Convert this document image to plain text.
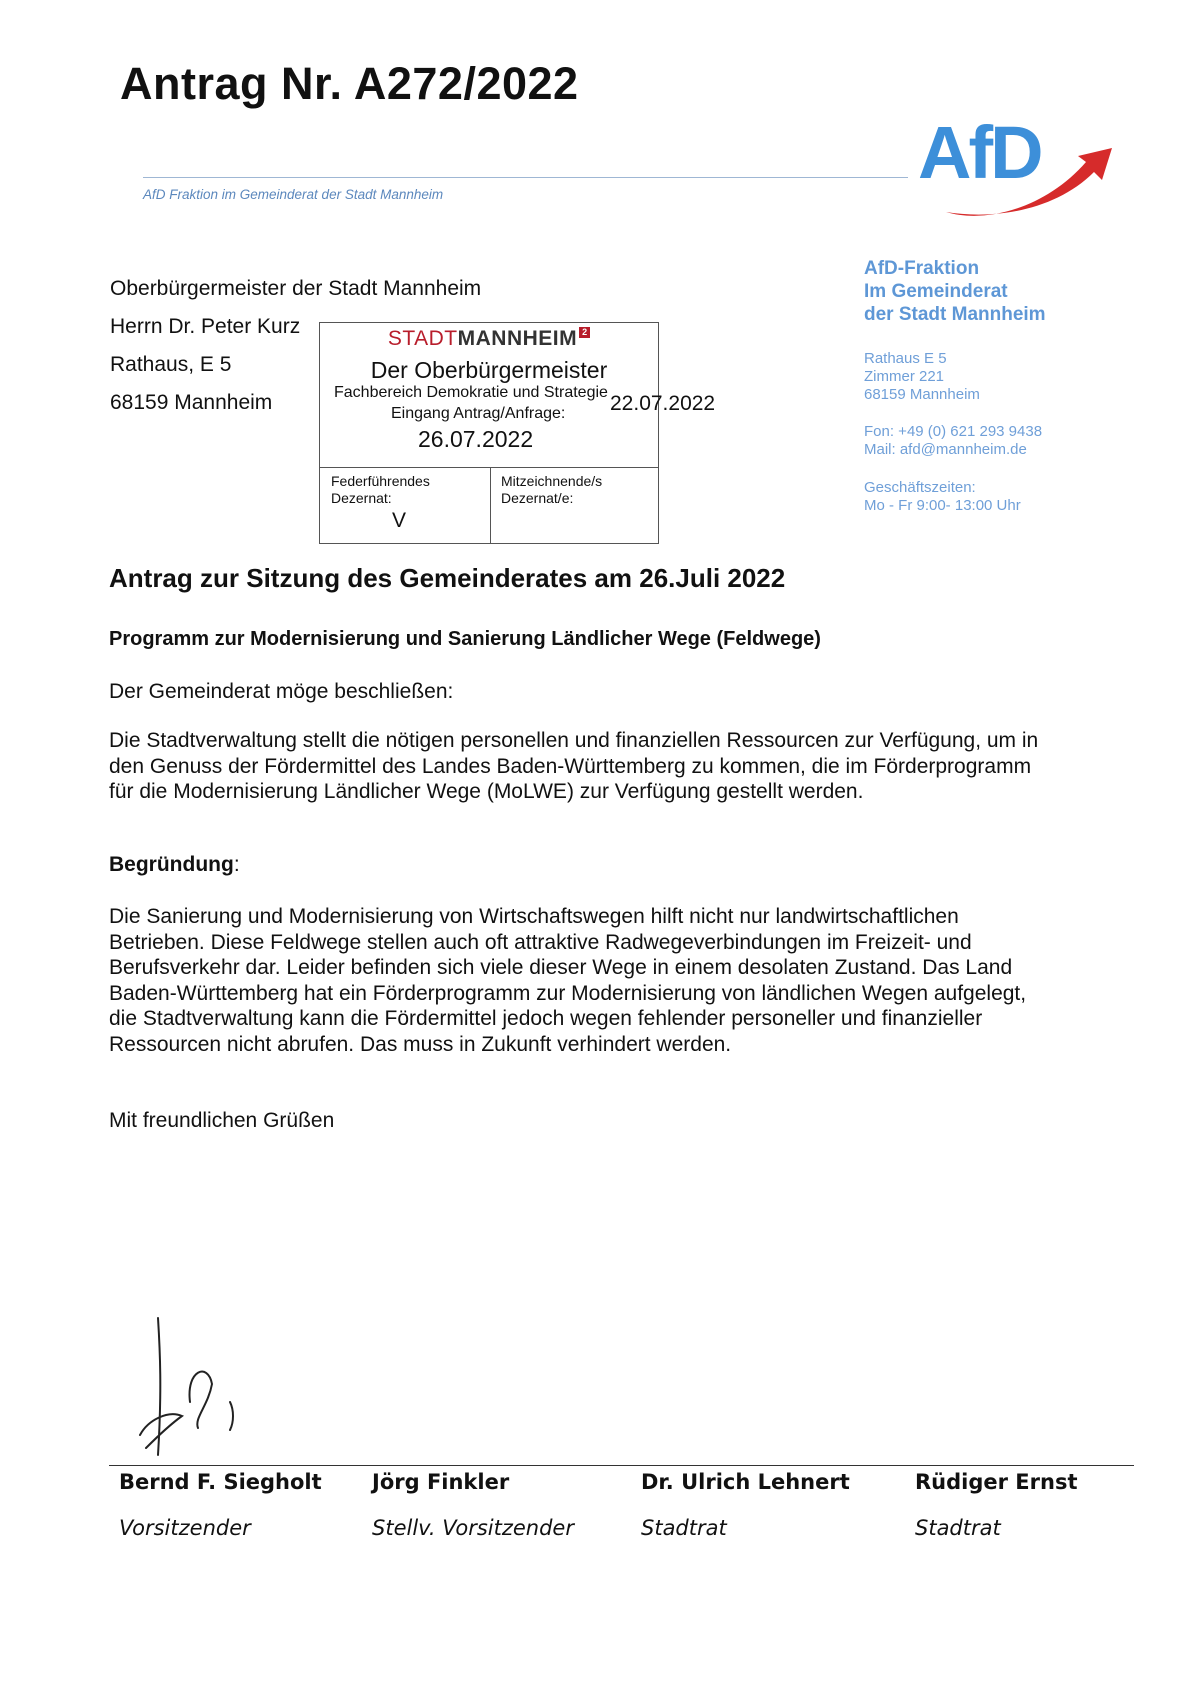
Antrag Nr. A272/2022
AfD Fraktion im Gemeinderat der Stadt Mannheim
AfD
Oberbürgermeister der Stadt Mannheim
Herrn Dr. Peter Kurz
Rathaus, E 5
68159 Mannheim
AfD-Fraktion
Im Gemeinderat
der Stadt Mannheim
Rathaus E 5
Zimmer 221
68159 Mannheim
Fon: +49 (0) 621 293 9438
Mail: afd@mannheim.de
Geschäftszeiten:
Mo - Fr 9:00- 13:00 Uhr
STADTMANNHEIM 2
Der Oberbürgermeister
Fachbereich Demokratie und Strategie
Eingang Antrag/Anfrage:
26.07.2022
Federführendes
Dezernat:
V
Mitzeichnende/s
Dezernat/e:
22.07.2022
Antrag zur Sitzung des Gemeinderates am 26.Juli 2022
Programm zur Modernisierung und Sanierung Ländlicher Wege (Feldwege)
Der Gemeinderat möge beschließen:
Die Stadtverwaltung stellt die nötigen personellen und finanziellen Ressourcen zur Verfügung, um in
den Genuss der Fördermittel des Landes Baden-Württemberg zu kommen, die im Förderprogramm
für die Modernisierung Ländlicher Wege (MoLWE) zur Verfügung gestellt werden.
Begründung:
Die Sanierung und Modernisierung von Wirtschaftswegen hilft nicht nur landwirtschaftlichen
Betrieben. Diese Feldwege stellen auch oft attraktive Radwegeverbindungen im Freizeit- und
Berufsverkehr dar. Leider befinden sich viele dieser Wege in einem desolaten Zustand. Das Land
Baden-Württemberg hat ein Förderprogramm zur Modernisierung von ländlichen Wegen aufgelegt,
die Stadtverwaltung kann die Fördermittel jedoch wegen fehlender personeller und finanzieller
Ressourcen nicht abrufen. Das muss in Zukunft verhindert werden.
Mit freundlichen Grüßen
Bernd F. Siegholt
Vorsitzender
Jörg Finkler
Stellv. Vorsitzender
Dr. Ulrich Lehnert
Stadtrat
Rüdiger Ernst
Stadtrat
